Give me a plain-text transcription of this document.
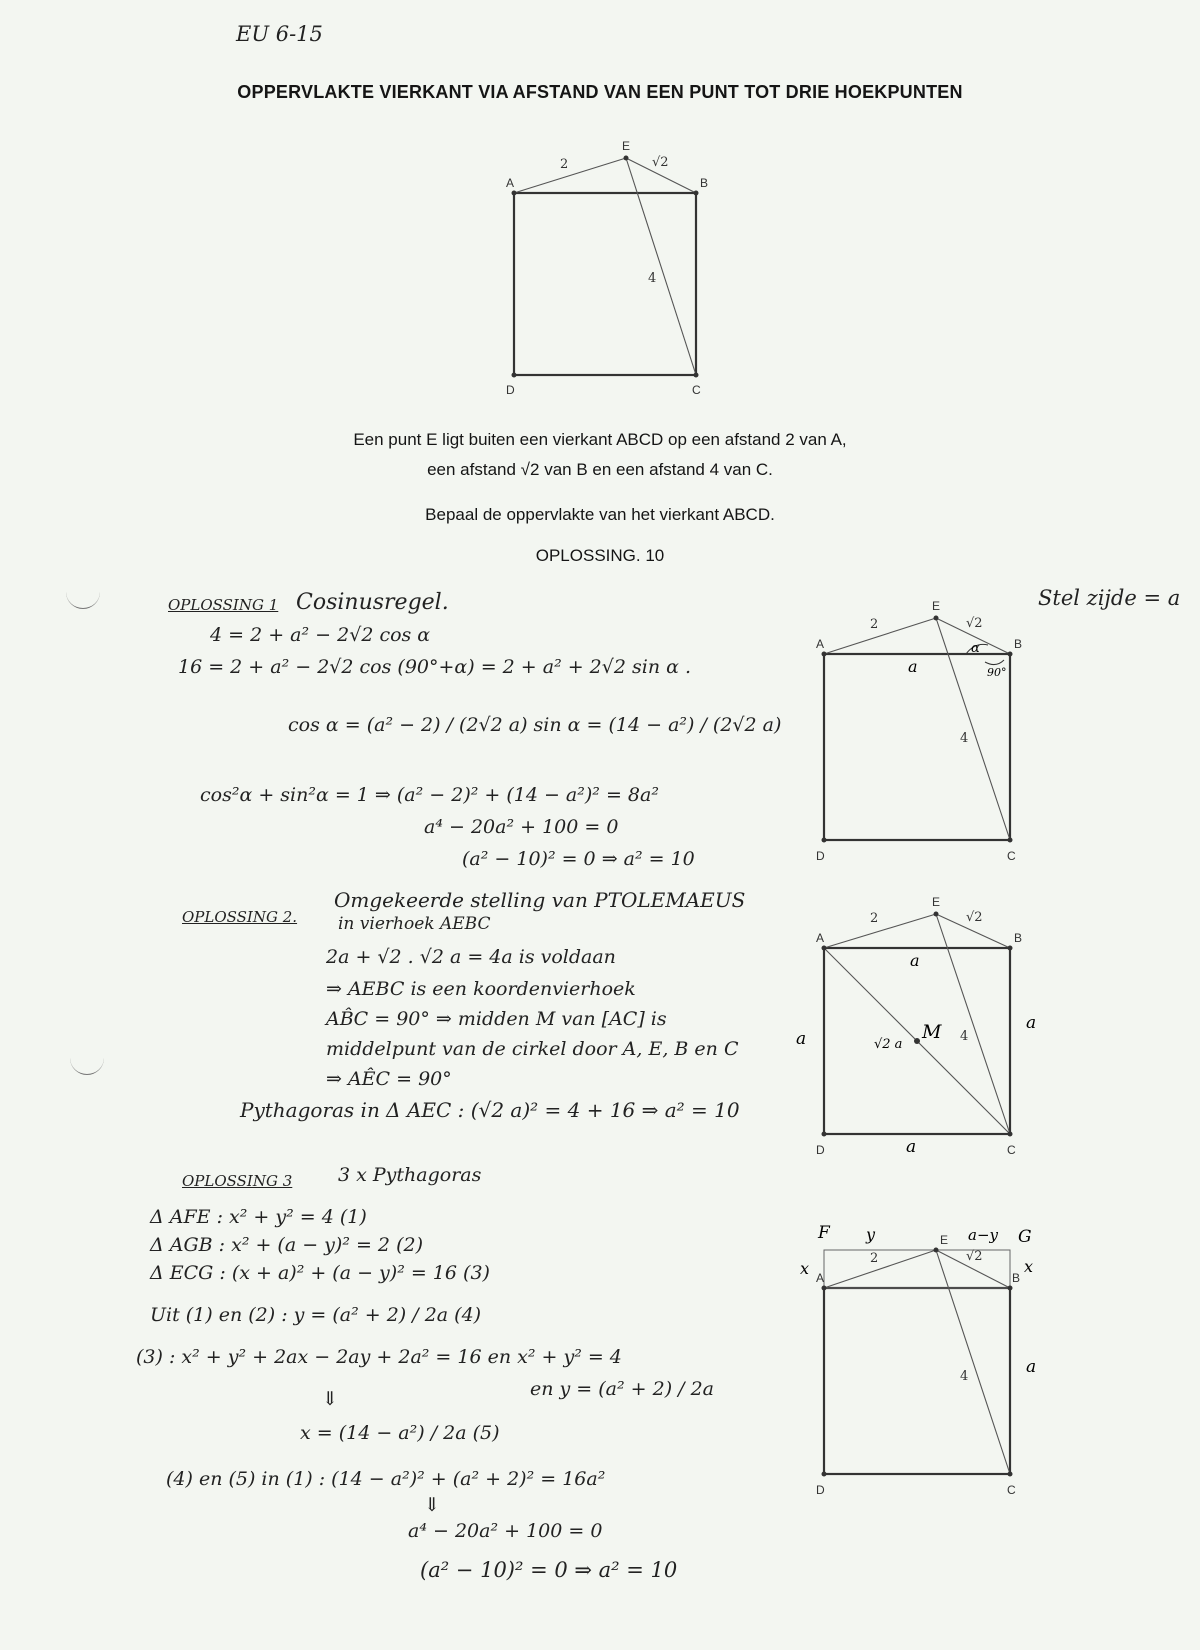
EU 6-15
OPPERVLAKTE VIERKANT VIA AFSTAND VAN EEN PUNT TOT DRIE HOEKPUNTEN
A	B
C
D
E
2	√2
4
Een punt E ligt buiten een vierkant ABCD op een afstand 2 van A,
een afstand √2 van B en een afstand 4 van C.
Bepaal de oppervlakte van het vierkant ABCD.
OPLOSSING. 10
OPLOSSING 1 Cosinusregel.	Stel zijde = a
4 = 2 + a² − 2√2 cos α
16 = 2 + a² − 2√2 cos (90°+α) = 2 + a² + 2√2 sin α .
cos α = (a² − 2) / (2√2 a) sin α = (14 − a²) / (2√2 a)
cos²α + sin²α = 1 ⇒ (a² − 2)² + (14 − a²)² = 8a²
a⁴ − 20a² + 100 = 0
(a² − 10)² = 0 ⇒ a² = 10
A	B
C
D
E
2	√2
4
a
α
90°
OPLOSSING 2.
Omgekeerde stelling van PTOLEMAEUS
in vierhoek AEBC
2a + √2 . √2 a = 4a is voldaan
⇒ AEBC is een koordenvierhoek
AB̂C = 90° ⇒ midden M van [AC] is
middelpunt van de cirkel door A, E, B en C
⇒ AÊC = 90°
Pythagoras in Δ AEC : (√2 a)² = 4 + 16 ⇒ a² = 10
A	B
C
D
E
2	√2
4
M
a
a
a
a
√2 a
OPLOSSING 3 3 x Pythagoras
Δ AFE : x² + y² = 4 (1)
Δ AGB : x² + (a − y)² = 2 (2)
Δ ECG : (x + a)² + (a − y)² = 16 (3)
Uit (1) en (2) : y = (a² + 2) / 2a (4)
(3) : x² + y² + 2ax − 2ay + 2a² = 16 en x² + y² = 4
en y = (a² + 2) / 2a
⇓
x = (14 − a²) / 2a (5)
(4) en (5) in (1) : (14 − a²)² + (a² + 2)² = 16a²
⇓
a⁴ − 20a² + 100 = 0
(a² − 10)² = 0 ⇒ a² = 10
A	B
C
D
E
F	G
y	a−y
2	√2
4
x	x
a
